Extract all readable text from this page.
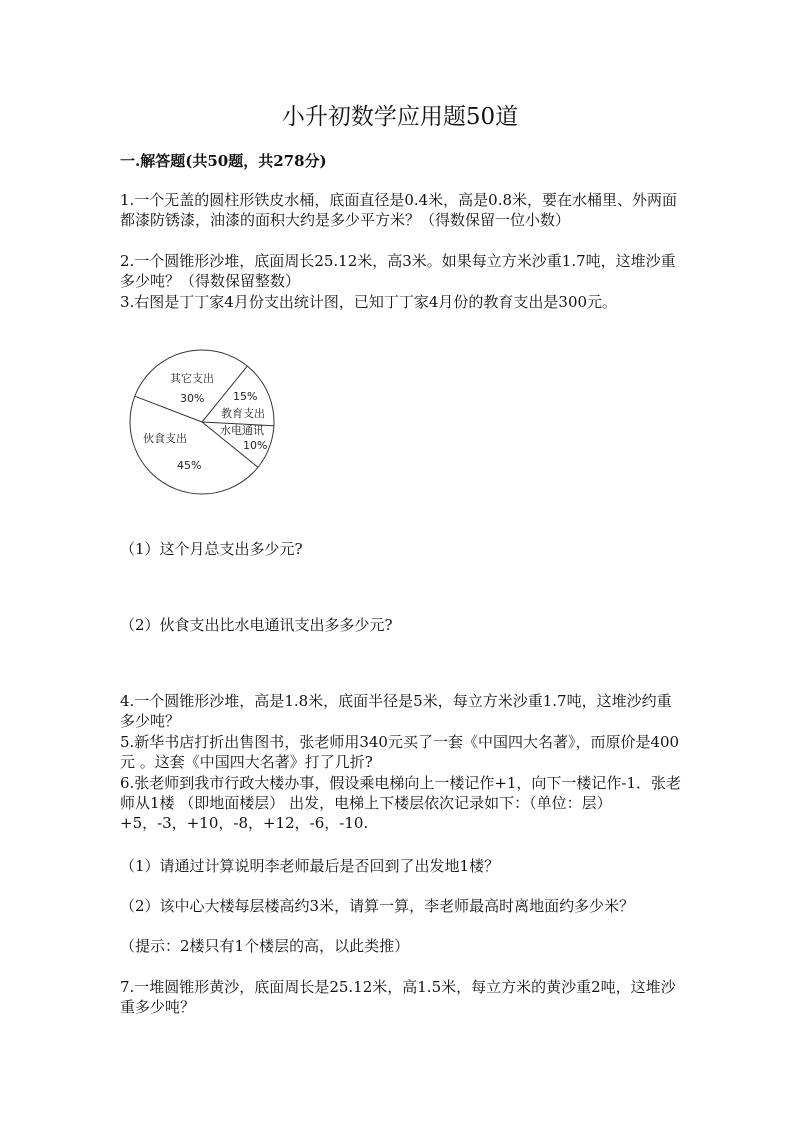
小升初数学应用题50道
一.解答题(共50题，共278分)

1.一个无盖的圆柱形铁皮水桶，底面直径是0.4米，高是0.8米，要在水桶里、外两面都漆防锈漆，油漆的面积大约是多少平方米？（得数保留一位小数）

2.一个圆锥形沙堆，底面周长25.12米，高3米。如果每立方米沙重1.7吨，这堆沙重多少吨？（得数保留整数）

3.右图是丁丁家4月份支出统计图，已知丁丁家4月份的教育支出是300元。

其它支出
30%	15%
教育支出
水电通讯
10%
伙食支出
45%

（1）这个月总支出多少元?

（2）伙食支出比水电通讯支出多多少元?

4.一个圆锥形沙堆，高是1.8米，底面半径是5米，每立方米沙重1.7吨，这堆沙约重多少吨？

5.新华书店打折出售图书，张老师用340元买了一套《中国四大名著》，而原价是400元 。这套《中国四大名著》打了几折?

6.张老师到我市行政大楼办事，假设乘电梯向上一楼记作+1，向下一楼记作-1．张老师从1楼 （即地面楼层） 出发，电梯上下楼层依次记录如下：（单位：层）+5，-3，+10，-8，+12，-6，-10.

（1）请通过计算说明李老师最后是否回到了出发地1楼？

（2）该中心大楼每层楼高约3米，请算一算，李老师最高时离地面约多少米？

（提示：2楼只有1个楼层的高，以此类推）

7.一堆圆锥形黄沙，底面周长是25.12米，高1.5米，每立方米的黄沙重2吨，这堆沙重多少吨？
